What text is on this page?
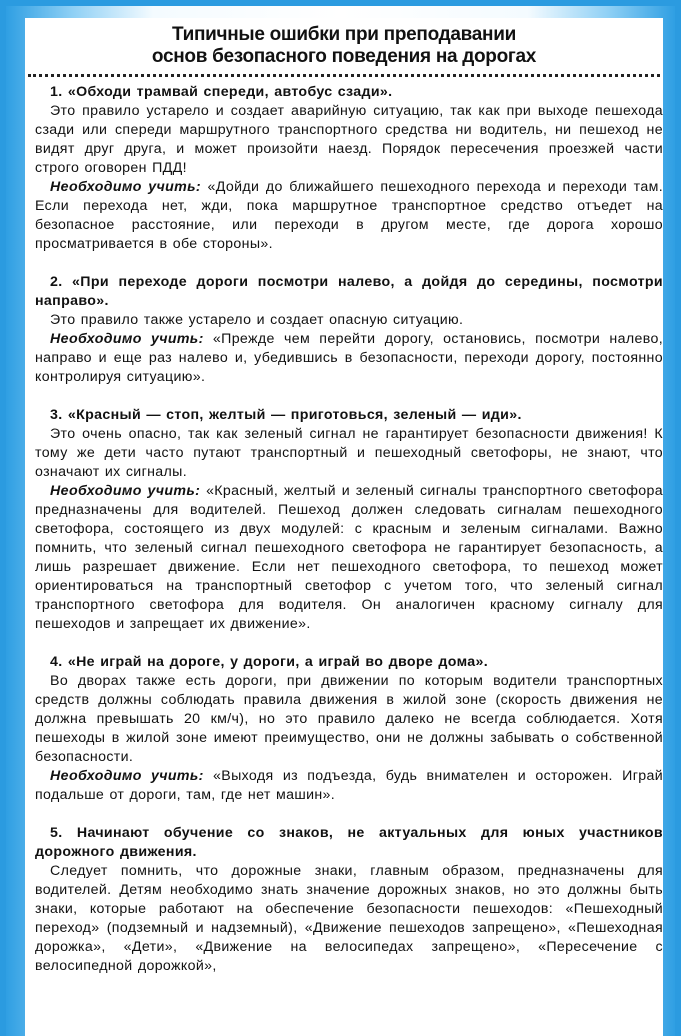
Типичные ошибки при преподавании
основ безопасного поведения на дорогах
1. «Обходи трамвай спереди, автобус сзади».

Это правило устарело и создает аварийную ситуацию, так как при выходе пешехода сзади или спереди маршрутного транспортного средства ни водитель, ни пешеход не видят друг друга, и может произойти наезд. Порядок пересечения проезжей части строго оговорен ПДД!

Необходимо учить: «Дойди до ближайшего пешеходного перехода и переходи там. Если перехода нет, жди, пока маршрутное транспортное средство отъедет на безопасное расстояние, или переходи в другом месте, где дорога хорошо просматривается в обе стороны».

2. «При переходе дороги посмотри налево, а дойдя до середины, посмотри направо».

Это правило также устарело и создает опасную ситуацию.

Необходимо учить: «Прежде чем перейти дорогу, остановись, посмотри налево, направо и еще раз налево и, убедившись в безопасности, переходи дорогу, постоянно контролируя ситуацию».

3. «Красный — стоп, желтый — приготовься, зеленый — иди».

Это очень опасно, так как зеленый сигнал не гарантирует безопасности движения! К тому же дети часто путают транспортный и пешеходный светофоры, не знают, что означают их сигналы.

Необходимо учить: «Красный, желтый и зеленый сигналы транспортного светофора предназначены для водителей. Пешеход должен следовать сигналам пешеходного светофора, состоящего из двух модулей: с красным и зеленым сигналами. Важно помнить, что зеленый сигнал пешеходного светофора не гарантирует безопасность, а лишь разрешает движение. Если нет пешеходного светофора, то пешеход может ориентироваться на транспортный светофор с учетом того, что зеленый сигнал транспортного светофора для водителя. Он аналогичен красному сигналу для пешеходов и запрещает их движение».

4. «Не играй на дороге, у дороги, а играй во дворе дома».

Во дворах также есть дороги, при движении по которым водители транспортных средств должны соблюдать правила движения в жилой зоне (скорость движения не должна превышать 20 км/ч), но это правило далеко не всегда соблюдается. Хотя пешеходы в жилой зоне имеют преимущество, они не должны забывать о собственной безопасности.

Необходимо учить: «Выходя из подъезда, будь внимателен и осторожен. Играй подальше от дороги, там, где нет машин».

5. Начинают обучение со знаков, не актуальных для юных участников дорожного движения.

Следует помнить, что дорожные знаки, главным образом, предназначены для водителей. Детям необходимо знать значение дорожных знаков, но это должны быть знаки, которые работают на обеспечение безопасности пешеходов: «Пешеходный переход» (подземный и надземный), «Движение пешеходов запрещено», «Пешеходная дорожка», «Дети», «Движение на велосипедах запрещено», «Пересечение с велосипедной дорожкой»,
